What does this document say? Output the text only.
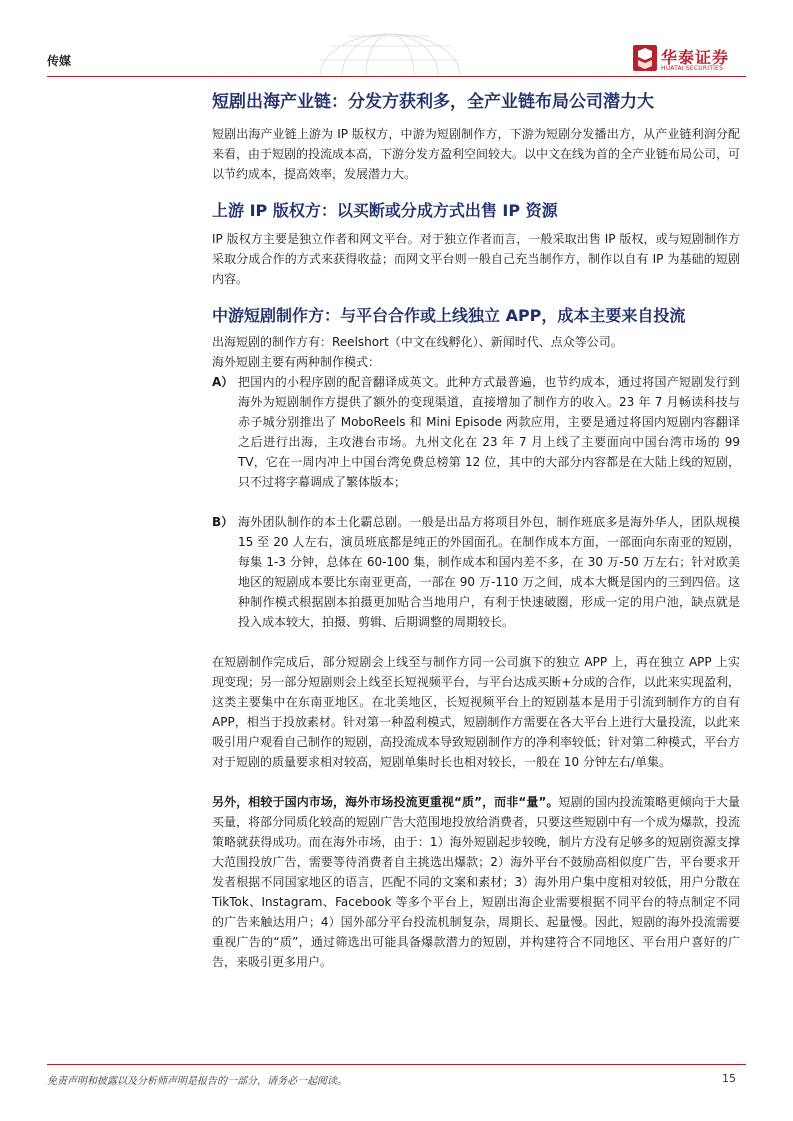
传媒	华泰证券
HUATAI SECURITIES
短剧出海产业链：分发方获利多，全产业链布局公司潜力大

短剧出海产业链上游为 IP 版权方，中游为短剧制作方，下游为短剧分发播出方，从产业链利润分配来看，由于短剧的投流成本高，下游分发方盈利空间较大。以中文在线为首的全产业链布局公司，可以节约成本，提高效率，发展潜力大。

上游 IP 版权方：以买断或分成方式出售 IP 资源

IP 版权方主要是独立作者和网文平台。对于独立作者而言，一般采取出售 IP 版权，或与短剧制作方采取分成合作的方式来获得收益；而网文平台则一般自己充当制作方，制作以自有 IP 为基础的短剧内容。

中游短剧制作方：与平台合作或上线独立 APP，成本主要来自投流

出海短剧的制作方有：Reelshort（中文在线孵化）、新闻时代、点众等公司。

海外短剧主要有两种制作模式：

A） 把国内的小程序剧的配音翻译成英文。此种方式最普遍，也节约成本，通过将国产短剧发行到海外为短剧制作方提供了额外的变现渠道，直接增加了制作方的收入。23 年 7 月畅读科技与赤子城分别推出了 MoboReels 和 Mini Episode 两款应用，主要是通过将国内短剧内容翻译之后进行出海，主攻港台市场。九州文化在 23 年 7 月上线了主要面向中国台湾市场的 99 TV，它在一周内冲上中国台湾免费总榜第 12 位，其中的大部分内容都是在大陆上线的短剧，只不过将字幕调成了繁体版本；
B） 海外团队制作的本土化霸总剧。一般是出品方将项目外包，制作班底多是海外华人，团队规模 15 至 20 人左右，演员班底都是纯正的外国面孔。在制作成本方面，一部面向东南亚的短剧，每集 1-3 分钟，总体在 60-100 集，制作成本和国内差不多，在 30 万-50 万左右；针对欧美地区的短剧成本要比东南亚更高，一部在 90 万-110 万之间，成本大概是国内的三到四倍。这种制作模式根据剧本拍摄更加贴合当地用户，有利于快速破圈，形成一定的用户池，缺点就是投入成本较大，拍摄、剪辑、后期调整的周期较长。

在短剧制作完成后，部分短剧会上线至与制作方同一公司旗下的独立 APP 上，再在独立 APP 上实现变现；另一部分短剧则会上线至长短视频平台，与平台达成买断+分成的合作，以此来实现盈利，这类主要集中在东南亚地区。在北美地区，长短视频平台上的短剧基本是用于引流到制作方的自有 APP，相当于投放素材。针对第一种盈利模式，短剧制作方需要在各大平台上进行大量投流，以此来吸引用户观看自己制作的短剧，高投流成本导致短剧制作方的净利率较低；针对第二种模式，平台方对于短剧的质量要求相对较高，短剧单集时长也相对较长，一般在 10 分钟左右/单集。

另外，相较于国内市场，海外市场投流更重视“质”，而非“量”。短剧的国内投流策略更倾向于大量买量，将部分同质化较高的短剧广告大范围地投放给消费者，只要这些短剧中有一个成为爆款，投流策略就获得成功。而在海外市场，由于：1）海外短剧起步较晚，制片方没有足够多的短剧资源支撑大范围投放广告，需要等待消费者自主挑选出爆款；2）海外平台不鼓励高相似度广告，平台要求开发者根据不同国家地区的语言，匹配不同的文案和素材；3）海外用户集中度相对较低，用户分散在 TikTok、Instagram、Facebook 等多个平台上，短剧出海企业需要根据不同平台的特点制定不同的广告来触达用户；4）国外部分平台投流机制复杂，周期长、起量慢。因此，短剧的海外投流需要重视广告的“质”，通过筛选出可能具备爆款潜力的短剧，并构建符合不同地区、平台用户喜好的广告，来吸引更多用户。

免责声明和披露以及分析师声明是报告的一部分，请务必一起阅读。	15
